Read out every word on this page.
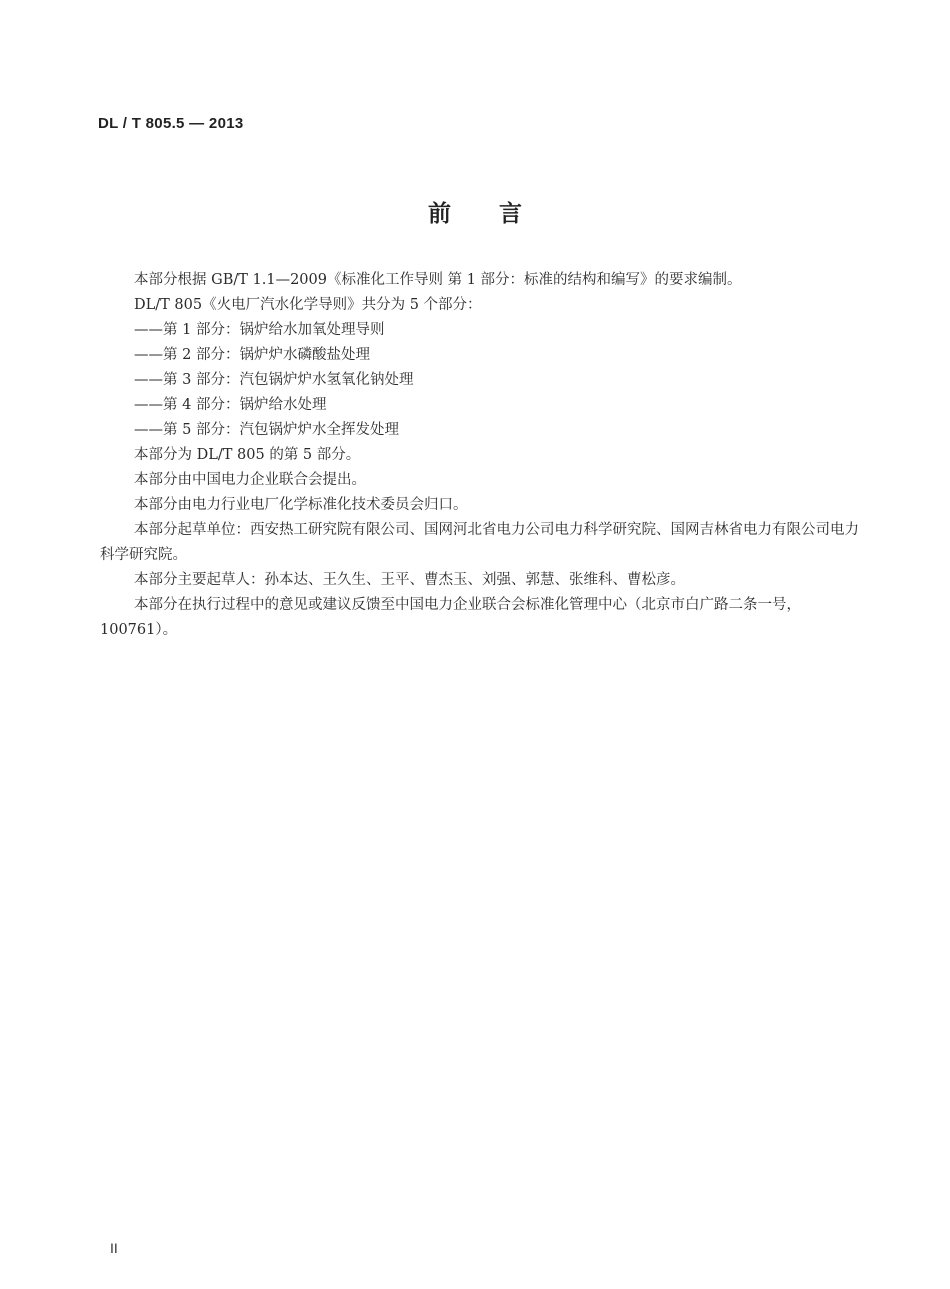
DL / T 805.5 — 2013
前言

本部分根据 GB/T 1.1—2009《标准化工作导则 第 1 部分：标准的结构和编写》的要求编制。

DL/T 805《火电厂汽水化学导则》共分为 5 个部分：

——第 1 部分：锅炉给水加氧处理导则

——第 2 部分：锅炉炉水磷酸盐处理

——第 3 部分：汽包锅炉炉水氢氧化钠处理

——第 4 部分：锅炉给水处理

——第 5 部分：汽包锅炉炉水全挥发处理

本部分为 DL/T 805 的第 5 部分。

本部分由中国电力企业联合会提出。

本部分由电力行业电厂化学标准化技术委员会归口。

本部分起草单位：西安热工研究院有限公司、国网河北省电力公司电力科学研究院、国网吉林省电力有限公司电力科学研究院。

本部分主要起草人：孙本达、王久生、王平、曹杰玉、刘强、郭慧、张维科、曹松彦。

本部分在执行过程中的意见或建议反馈至中国电力企业联合会标准化管理中心（北京市白广路二条一号，100761）。

II
